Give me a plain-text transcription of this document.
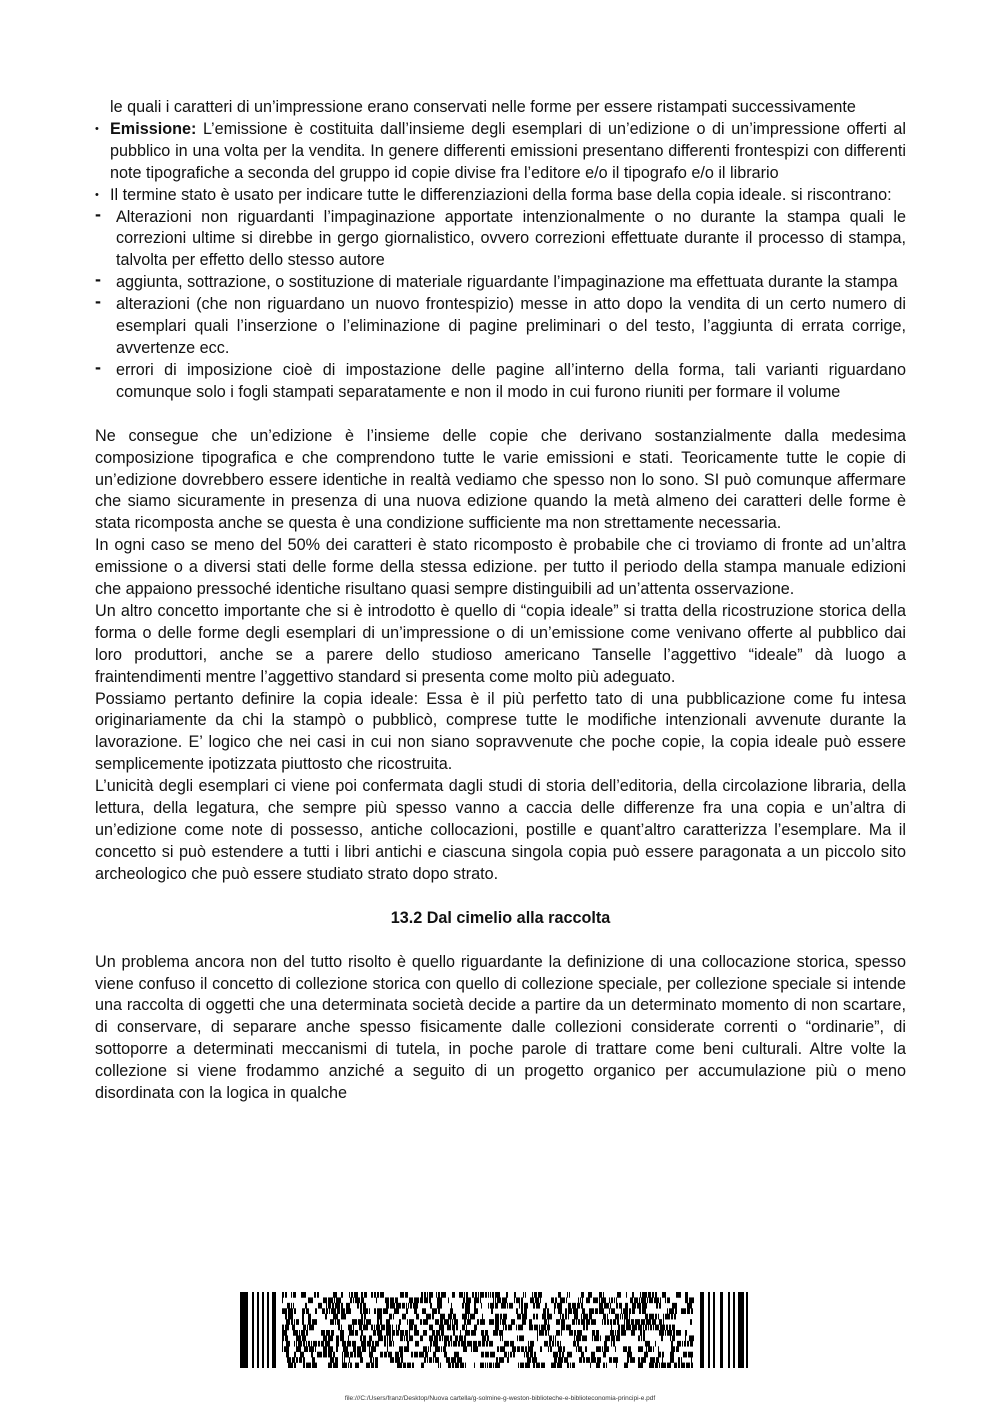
le quali i caratteri di un’impressione erano conservati nelle forme per essere ristampati successivamente

• Emissione: L’emissione è costituita dall’insieme degli esemplari di un’edizione o di un’impressione offerti al pubblico in una volta per la vendita. In genere differenti emissioni presentano differenti frontespizi con differenti note tipografiche a seconda del gruppo id copie divise fra l’editore e/o il tipografo e/o il librario
• Il termine stato è usato per indicare tutte le differenziazioni della forma base della copia ideale. si riscontrano:
- Alterazioni non riguardanti l’impaginazione apportate intenzionalmente o no durante la stampa quali le correzioni ultime si direbbe in gergo giornalistico, ovvero correzioni effettuate durante il processo di stampa, talvolta per effetto dello stesso autore
- aggiunta, sottrazione, o sostituzione di materiale riguardante l’impaginazione ma effettuata durante la stampa
- alterazioni (che non riguardano un nuovo frontespizio) messe in atto dopo la vendita di un certo numero di esemplari quali l’inserzione o l’eliminazione di pagine preliminari o del testo, l’aggiunta di errata corrige, avvertenze ecc.
- errori di imposizione cioè di impostazione delle pagine all’interno della forma, tali varianti riguardano comunque solo i fogli stampati separatamente e non il modo in cui furono riuniti per formare il volume

Ne consegue che un’edizione è l’insieme delle copie che derivano sostanzialmente dalla medesima composizione tipografica e che comprendono tutte le varie emissioni e stati. Teoricamente tutte le copie di un’edizione dovrebbero essere identiche in realtà vediamo che spesso non lo sono. SI può comunque affermare che siamo sicuramente in presenza di una nuova edizione quando la metà almeno dei caratteri delle forme è stata ricomposta anche se questa è una condizione sufficiente ma non strettamente necessaria.

In ogni caso se meno del 50% dei caratteri è stato ricomposto è probabile che ci troviamo di fronte ad un’altra emissione o a diversi stati delle forme della stessa edizione. per tutto il periodo della stampa manuale edizioni che appaiono pressoché identiche risultano quasi sempre distinguibili ad un’attenta osservazione.

Un altro concetto importante che si è introdotto è quello di “copia ideale” si tratta della ricostruzione storica della forma o delle forme degli esemplari di un’impressione o di un’emissione come venivano offerte al pubblico dai loro produttori, anche se a parere dello studioso americano Tanselle l’aggettivo “ideale” dà luogo a fraintendimenti mentre l’aggettivo standard si presenta come molto più adeguato.

Possiamo pertanto definire la copia ideale: Essa è il più perfetto tato di una pubblicazione come fu intesa originariamente da chi la stampò o pubblicò, comprese tutte le modifiche intenzionali avvenute durante la lavorazione. E’ logico che nei casi in cui non siano sopravvenute che poche copie, la copia ideale può essere semplicemente ipotizzata piuttosto che ricostruita.

L’unicità degli esemplari ci viene poi confermata dagli studi di storia dell’editoria, della circolazione libraria, della lettura, della legatura, che sempre più spesso vanno a caccia delle differenze fra una copia e un’altra di un’edizione come note di possesso, antiche collocazioni, postille e quant’altro caratterizza l’esemplare. Ma il concetto si può estendere a tutti i libri antichi e ciascuna singola copia può essere paragonata a un piccolo sito archeologico che può essere studiato strato dopo strato.

13.2 Dal cimelio alla raccolta

Un problema ancora non del tutto risolto è quello riguardante la definizione di una collocazione storica, spesso viene confuso il concetto di collezione storica con quello di collezione speciale, per collezione speciale si intende una raccolta di oggetti che una determinata società decide a partire da un determinato momento di non scartare, di conservare, di separare anche spesso fisicamente dalle collezioni considerate correnti o “ordinarie”, di sottoporre a determinati meccanismi di tutela, in poche parole di trattare come beni culturali. Altre volte la collezione si viene frodammo anziché a seguito di un progetto organico per accumulazione più o meno disordinata con la logica in qualche

file:///C:/Users/franz/Desktop/Nuova cartella/g-solmine-g-weston-biblioteche-e-biblioteconomia-principi-e.pdf
